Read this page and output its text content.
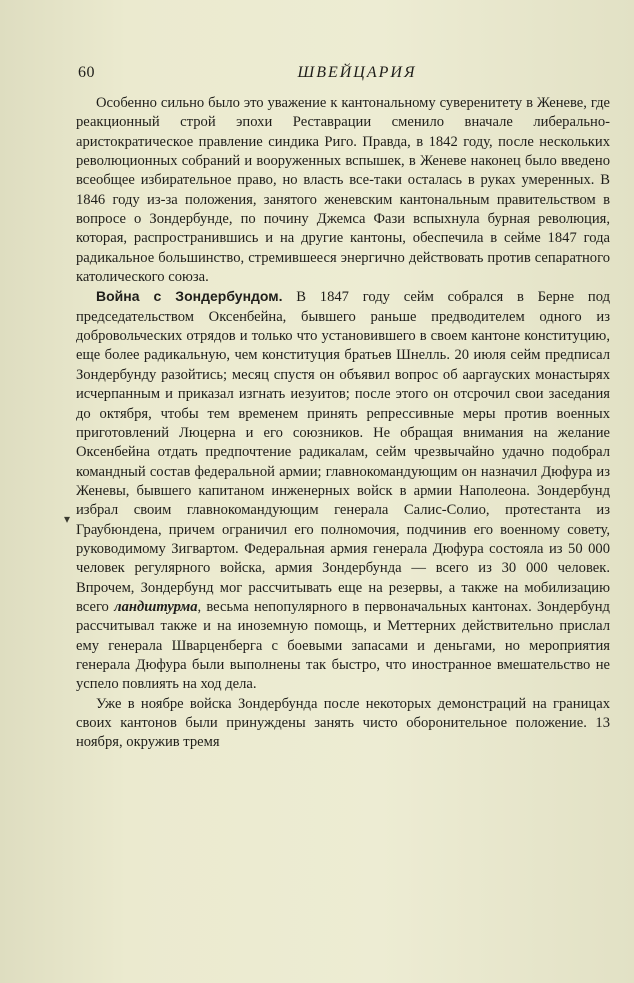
60	ШВЕЙЦАРИЯ
▾

Особенно сильно было это уважение к кантональному суверенитету в Женеве, где реакционный строй эпохи Реставрации сменило вначале либерально-аристократическое правление синдика Риго. Правда, в 1842 году, после нескольких революционных собраний и вооруженных вспышек, в Женеве наконец было введено всеобщее избирательное право, но власть все-таки осталась в руках умеренных. В 1846 году из-за положения, занятого женевским кантональным правительством в вопросе о Зондербунде, по почину Джемса Фази вспыхнула бурная революция, которая, распространившись и на другие кантоны, обеспечила в сейме 1847 года радикальное большинство, стремившееся энергично действовать против сепаратного католического союза.

Война с Зондербундом. В 1847 году сейм собрался в Берне под председательством Оксенбейна, бывшего раньше предводителем одного из добровольческих отрядов и только что установившего в своем кантоне конституцию, еще более радикальную, чем конституция братьев Шнелль. 20 июля сейм предписал Зондербунду разойтись; месяц спустя он объявил вопрос об ааргауских монастырях исчерпанным и приказал изгнать иезуитов; после этого он отсрочил свои заседания до октября, чтобы тем временем принять репрессивные меры против военных приготовлений Люцерна и его союзников. Не обращая внимания на желание Оксенбейна отдать предпочтение радикалам, сейм чрезвычайно удачно подобрал командный состав федеральной армии; главнокомандующим он назначил Дюфура из Женевы, бывшего капитаном инженерных войск в армии Наполеона. Зондербунд избрал своим главнокомандующим генерала Салис-Солио, протестанта из Граубюндена, причем ограничил его полномочия, подчинив его военному совету, руководимому Зигвартом. Федеральная армия генерала Дюфура состояла из 50 000 человек регулярного войска, армия Зондербунда — всего из 30 000 человек. Впрочем, Зондербунд мог рассчитывать еще на резервы, а также на мобилизацию всего ландштурма, весьма непопулярного в первоначальных кантонах. Зондербунд рассчитывал также и на иноземную помощь, и Меттерних действительно прислал ему генерала Шварценберга с боевыми запасами и деньгами, но мероприятия генерала Дюфура были выполнены так быстро, что иностранное вмешательство не успело повлиять на ход дела.

Уже в ноябре войска Зондербунда после некоторых демонстраций на границах своих кантонов были принуждены занять чисто оборонительное положение. 13 ноября, окружив тремя
